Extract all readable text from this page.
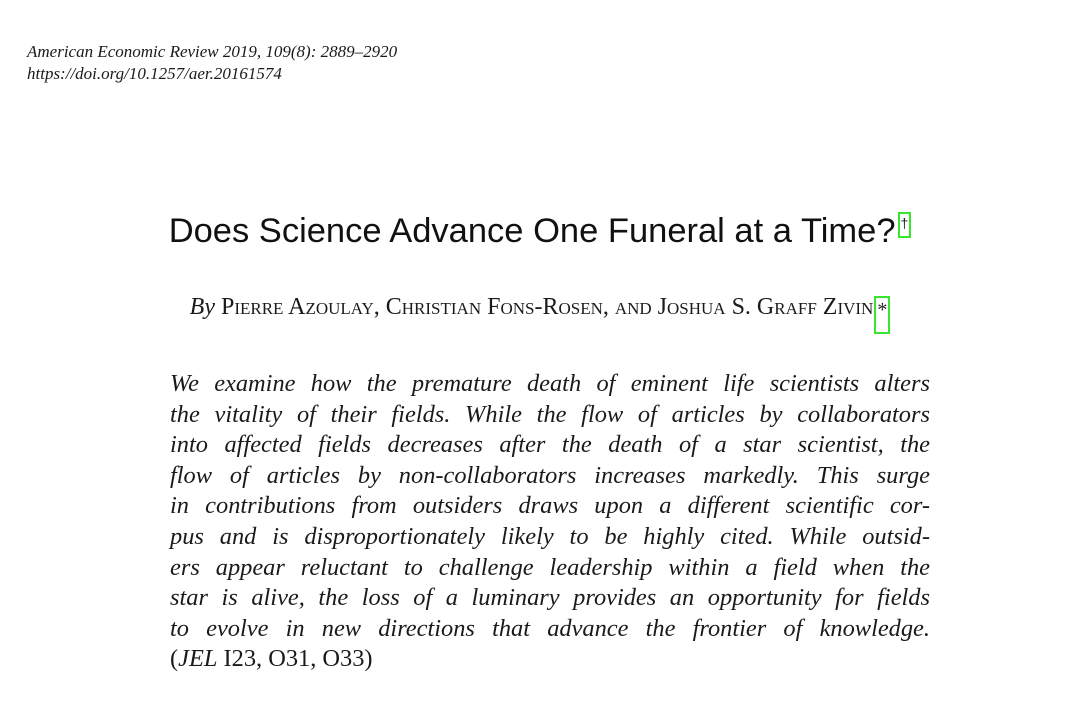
American Economic Review 2019, 109(8): 2889–2920
https://doi.org/10.1257/aer.20161574
Does Science Advance One Funeral at a Time? †
By Pierre Azoulay, Christian Fons-Rosen, and Joshua S. Graff Zivin *
We examine how the premature death of eminent life scientists alters
the vitality of their fields. While the flow of articles by collaborators
into affected fields decreases after the death of a star scientist, the
flow of articles by non-collaborators increases markedly. This surge
in contributions from outsiders draws upon a different scientific cor-
pus and is disproportionately likely to be highly cited. While outsid-
ers appear reluctant to challenge leadership within a field when the
star is alive, the loss of a luminary provides an opportunity for fields
to evolve in new directions that advance the frontier of knowledge.
(JEL I23, O31, O33)
